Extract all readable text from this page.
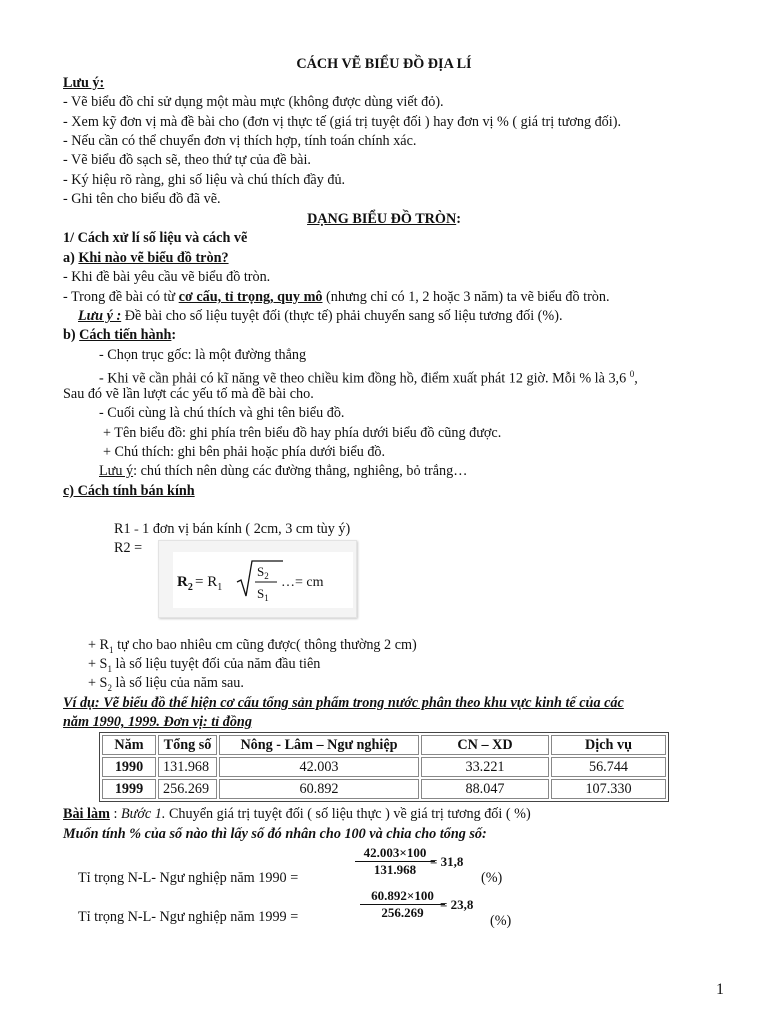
CÁCH VẼ BIỂU ĐỒ ĐỊA LÍ
Lưu ý:
- Vẽ biểu đồ chỉ sử dụng một màu mực (không được dùng viết đỏ).
- Xem kỹ đơn vị mà đề bài cho (đơn vị thực tế (giá trị tuyệt đối ) hay đơn vị % ( giá trị tương đối).
- Nếu cần có thể chuyển đơn vị thích hợp, tính toán chính xác.
- Vẽ biểu đồ sạch sẽ, theo thứ tự của đề bài.
- Ký hiệu rõ ràng, ghi số liệu và chú thích đầy đủ.
- Ghi tên cho biểu đồ đã vẽ.
DẠNG BIỂU ĐỒ TRÒN:
1/ Cách xử lí số liệu và cách vẽ
a) Khi nào vẽ biểu đồ tròn?
- Khi đề bài yêu cầu vẽ biểu đồ tròn.
- Trong đề bài có từ cơ cấu, tỉ trọng, quy mô (nhưng chỉ có 1, 2 hoặc 3 năm) ta vẽ biểu đồ tròn.
Lưu ý : Đề bài cho số liệu tuyệt đối (thực tế) phải chuyển sang số liệu tương đối (%).
b) Cách tiến hành:
- Chọn trục gốc: là một đường thẳng
- Khi vẽ cần phải có kĩ năng vẽ theo chiều kim đồng hồ, điểm xuất phát 12 giờ. Mỗi % là 3,6 $^0$,
Sau đó vẽ lần lượt các yếu tố mà đề bài cho.
- Cuối cùng là chú thích và ghi tên biểu đồ.
+ Tên biểu đồ: ghi phía trên biểu đồ hay phía dưới biểu đồ cũng được.
+ Chú thích: ghi bên phải hoặc phía dưới biểu đồ.
Lưu ý: chú thích nên dùng các đường thẳng, nghiêng, bỏ trắng…
c) Cách tính bán kính
R1 = 1 đơn vị bán kính ( 2cm, 3 cm tùy ý)
R2 =
$R_2 = R_1$
$S_2$
$S_1$
…= cm
+ $R_1$ tự cho bao nhiêu cm cũng được( thông thường 2 cm)
+ $S_1$ là số liệu tuyệt đối của năm đầu tiên
+ $S_2$ là số liệu của năm sau.
Ví dụ: Vẽ biểu đồ thể hiện cơ cấu tổng sản phẩm trong nước phân theo khu vực kinh tế của các
năm 1990, 1999. Đơn vị: tỉ đồng
Năm	Tổng số	Nông - Lâm – Ngư nghiệp	CN – XD	Dịch vụ
1990	131.968	42.003	33.221	56.744
1999	256.269	60.892	88.047	107.330
Bài làm : Bước 1. Chuyển giá trị tuyệt đối ( số liệu thực ) về giá trị tương đối ( %)
Muốn tính % của số nào thì lấy số đó nhân cho 100 và chia cho tổng số:
Tỉ trọng N-L- Ngư nghiệp năm 1990 =	$\frac{42.003\times 100}{131.968}$
= 31,8
(%)
Tỉ trọng N-L- Ngư nghiệp năm 1999 =	$\frac{60.892\times 100}{256.269}$
= 23,8
(%)
1
